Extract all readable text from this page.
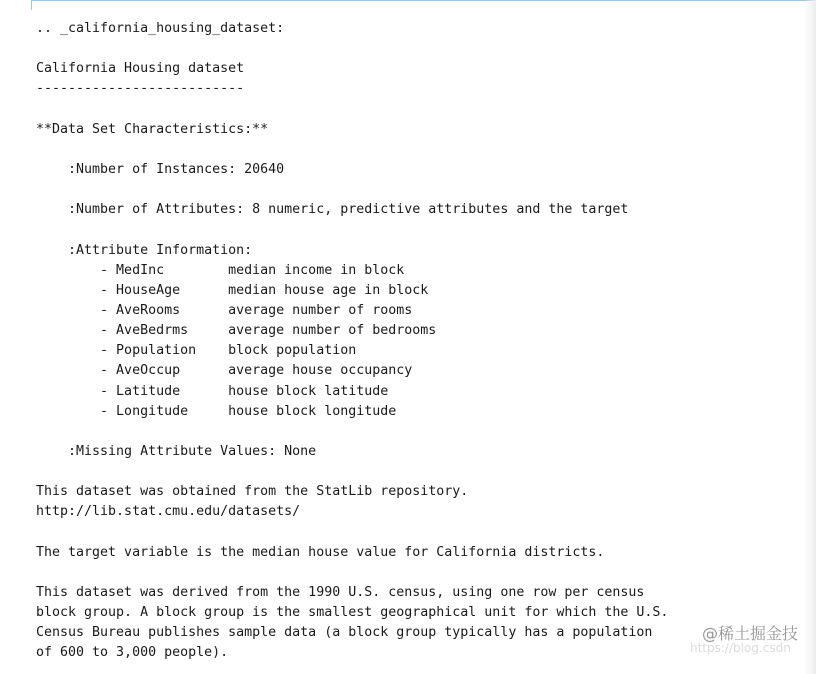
.. _california_housing_dataset:
California Housing dataset
--------------------------
**Data Set Characteristics:**
:Number of Instances: 20640
:Number of Attributes: 8 numeric, predictive attributes and the target
:Attribute Information:
- MedInc        median income in block
- HouseAge      median house age in block
- AveRooms      average number of rooms
- AveBedrms     average number of bedrooms
- Population    block population
- AveOccup      average house occupancy
- Latitude      house block latitude
- Longitude     house block longitude
:Missing Attribute Values: None
This dataset was obtained from the StatLib repository.
http://lib.stat.cmu.edu/datasets/
The target variable is the median house value for California districts.
This dataset was derived from the 1990 U.S. census, using one row per census
block group. A block group is the smallest geographical unit for which the U.S.
Census Bureau publishes sample data (a block group typically has a population
of 600 to 3,000 people).	https://blog.csdn
@稀土掘金技
